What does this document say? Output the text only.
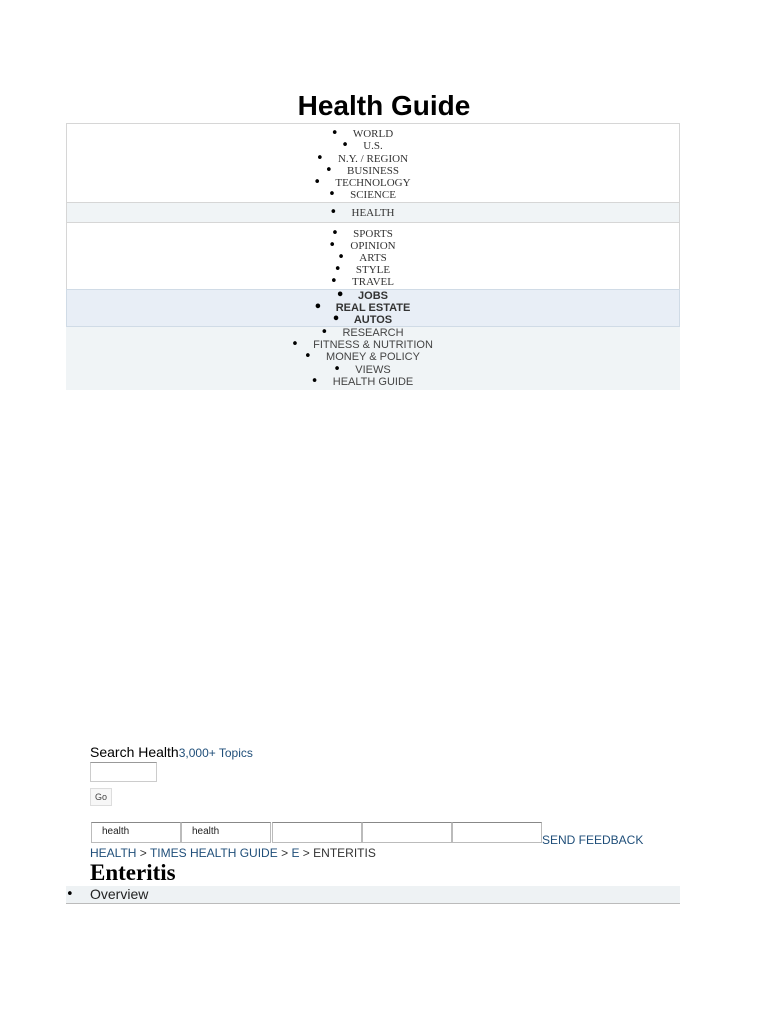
Health Guide
• WORLD
• U.S.
• N.Y. / REGION
• BUSINESS
• TECHNOLOGY
• SCIENCE
• HEALTH
• SPORTS
• OPINION
• ARTS
• STYLE
• TRAVEL
• JOBS
• REAL ESTATE
• AUTOS
• RESEARCH
• FITNESS & NUTRITION
• MONEY & POLICY
• VIEWS
• HEALTH GUIDE
Search Health3,000+ Topics
Go
health	health
SEND FEEDBACK
HEALTH > TIMES HEALTH GUIDE > E > ENTERITIS
Enteritis
• Overview
